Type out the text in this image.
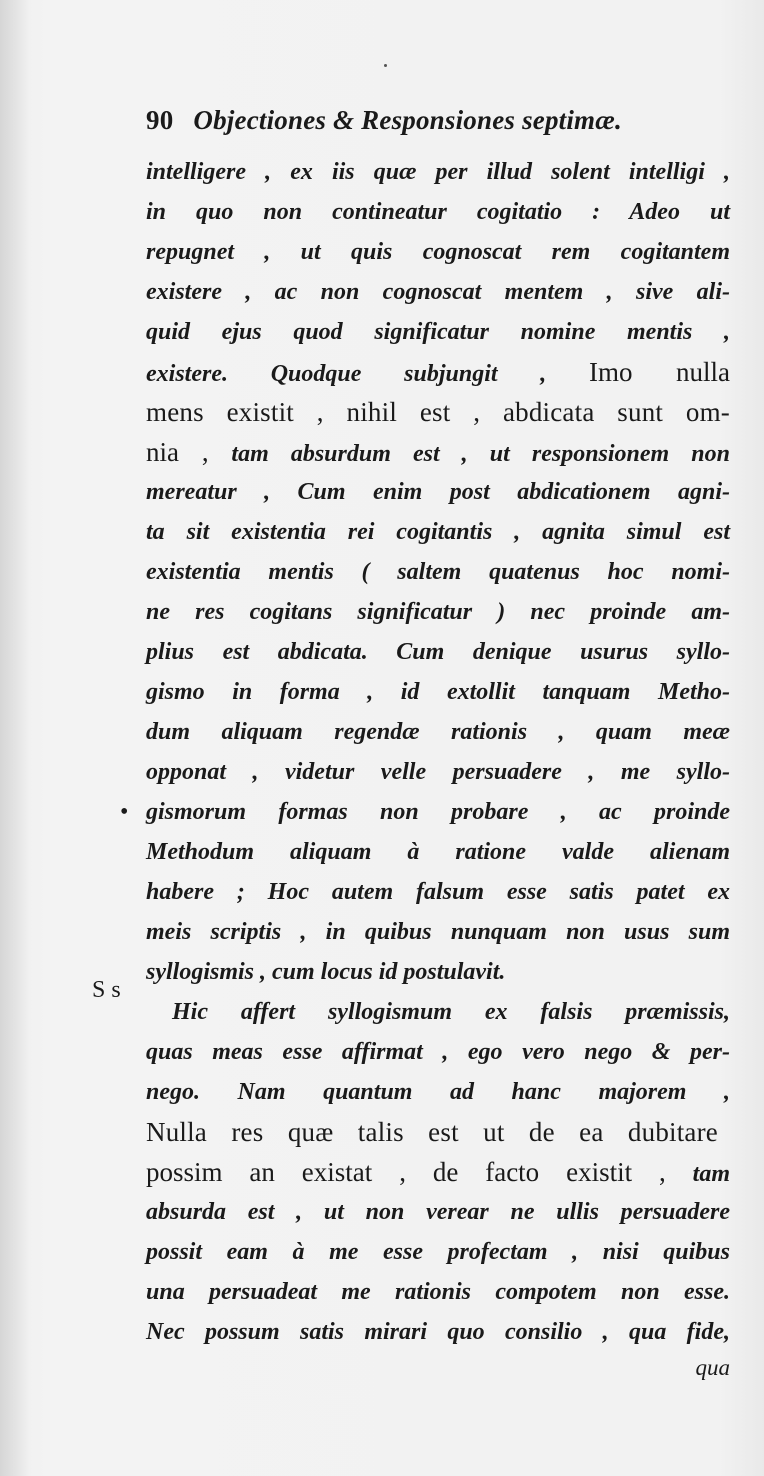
90 Objectiones & Responsiones septimæ.
•
S s
intelligere , ex iis quæ per illud solent intelligi ,
in quo non contineatur cogitatio : Adeo ut
repugnet , ut quis cognoscat rem cogitantem
existere , ac non cognoscat mentem , sive ali-
quid ejus quod significatur nomine mentis ,
existere. Quodque subjungit , Imo nulla
mens existit , nihil est , abdicata sunt om-
nia , tam absurdum est , ut responsionem non
mereatur , Cum enim post abdicationem agni-
ta sit existentia rei cogitantis , agnita simul est
existentia mentis ( saltem quatenus hoc nomi-
ne res cogitans significatur ) nec proinde am-
plius est abdicata. Cum denique usurus syllo-
gismo in forma , id extollit tanquam Metho-
dum aliquam regendæ rationis , quam meæ
opponat , videtur velle persuadere , me syllo-
gismorum formas non probare , ac proinde
Methodum aliquam à ratione valde alienam
habere ; Hoc autem falsum esse satis patet ex
meis scriptis , in quibus nunquam non usus sum
syllogismis , cum locus id postulavit.
Hic affert syllogismum ex falsis præmissis,
quas meas esse affirmat , ego vero nego & per-
nego. Nam quantum ad hanc majorem ,
Nulla res quæ talis est ut de ea dubitare
possim an existat , de facto existit , tam
absurda est , ut non verear ne ullis persuadere
possit eam à me esse profectam , nisi quibus
una persuadeat me rationis compotem non esse.
Nec possum satis mirari quo consilio , qua fide,
qua
